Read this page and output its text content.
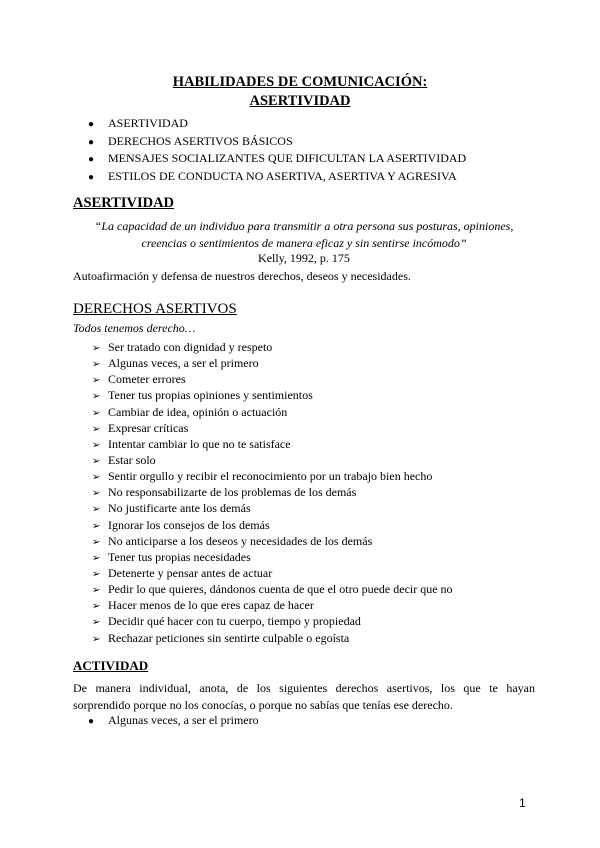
HABILIDADES DE COMUNICACIÓN:
ASERTIVIDAD
● ASERTIVIDAD
● DERECHOS ASERTIVOS BÁSICOS
● MENSAJES SOCIALIZANTES QUE DIFICULTAN LA ASERTIVIDAD
● ESTILOS DE CONDUCTA NO ASERTIVA, ASERTIVA Y AGRESIVA
ASERTIVIDAD
“La capacidad de un individuo para transmitir a otra persona sus posturas, opiniones,
creencias o sentimientos de manera eficaz y sin sentirse incómodo”
Kelly, 1992, p. 175
Autoafirmación y defensa de nuestros derechos, deseos y necesidades.
DERECHOS ASERTIVOS
Todos tenemos derecho…
➢ Ser tratado con dignidad y respeto
➢ Algunas veces, a ser el primero
➢ Cometer errores
➢ Tener tus propias opiniones y sentimientos
➢ Cambiar de idea, opinión o actuación
➢ Expresar críticas
➢ Intentar cambiar lo que no te satisface
➢ Estar solo
➢ Sentir orgullo y recibir el reconocimiento por un trabajo bien hecho
➢ No responsabilizarte de los problemas de los demás
➢ No justificarte ante los demás
➢ Ignorar los consejos de los demás
➢ No anticiparse a los deseos y necesidades de los demás
➢ Tener tus propias necesidades
➢ Detenerte y pensar antes de actuar
➢ Pedir lo que quieres, dándonos cuenta de que el otro puede decir que no
➢ Hacer menos de lo que eres capaz de hacer
➢ Decidir qué hacer con tu cuerpo, tiempo y propiedad
➢ Rechazar peticiones sin sentirte culpable o egoísta
ACTIVIDAD
De manera individual, anota, de los siguientes derechos asertivos, los que te hayan
sorprendido porque no los conocías, o porque no sabías que tenías ese derecho.
● Algunas veces, a ser el primero
1
